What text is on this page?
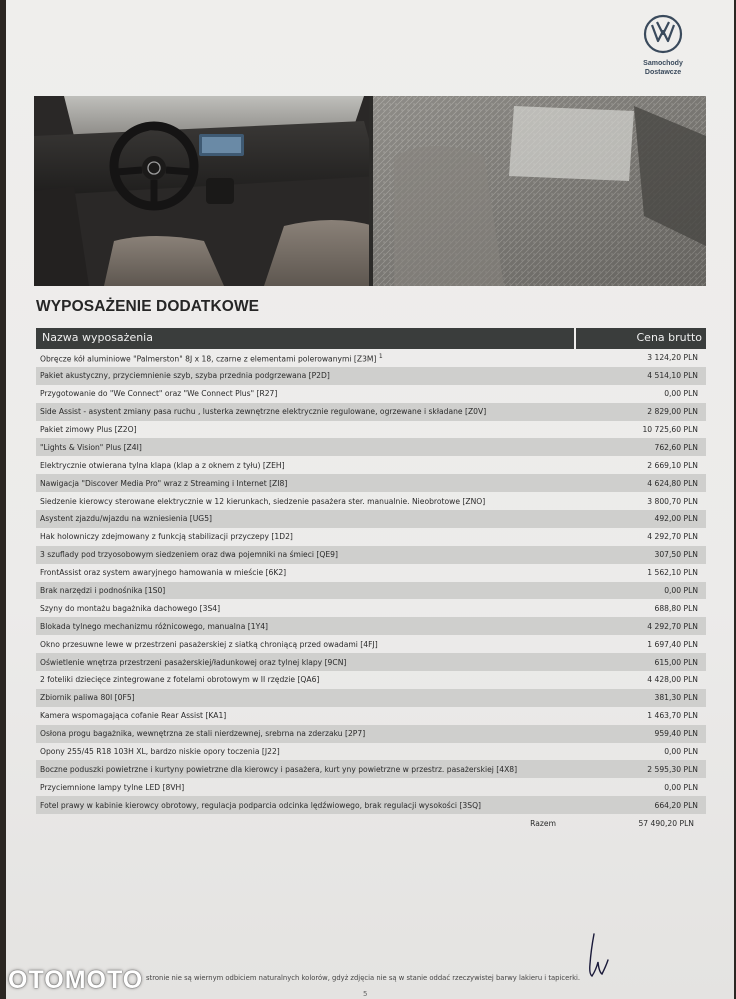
Samochody
Dostawcze
WYPOSAŻENIE DODATKOWE
Nazwa wyposażenia	Cena brutto
Obręcze kół aluminiowe "Palmerston" 8J x 18, czarne z elementami polerowanymi [Z3M] $^1$	3 124,20 PLN
Pakiet akustyczny, przyciemnienie szyb, szyba przednia podgrzewana [P2D]	4 514,10 PLN
Przygotowanie do "We Connect" oraz "We Connect Plus" [R27]	0,00 PLN
Side Assist - asystent zmiany pasa ruchu , lusterka zewnętrzne elektrycznie regulowane, ogrzewane i składane [Z0V]	2 829,00 PLN
Pakiet zimowy Plus [Z2O]	10 725,60 PLN
"Lights & Vision" Plus [Z4I]	762,60 PLN
Elektrycznie otwierana tylna klapa (klap a z oknem z tyłu) [ZEH]	2 669,10 PLN
Nawigacja "Discover Media Pro" wraz z Streaming i Internet [ZI8]	4 624,80 PLN
Siedzenie kierowcy sterowane elektrycznie w 12 kierunkach, siedzenie pasażera ster. manualnie. Nieobrotowe [ZNO]	3 800,70 PLN
Asystent zjazdu/wjazdu na wzniesienia [UG5]	492,00 PLN
Hak holowniczy zdejmowany z funkcją stabilizacji przyczepy [1D2]	4 292,70 PLN
3 szuflady pod trzyosobowym siedzeniem oraz dwa pojemniki na śmieci [QE9]	307,50 PLN
FrontAssist oraz system awaryjnego hamowania w mieście [6K2]	1 562,10 PLN
Brak narzędzi i podnośnika [1S0]	0,00 PLN
Szyny do montażu bagażnika dachowego [3S4]	688,80 PLN
Blokada tylnego mechanizmu różnicowego, manualna [1Y4]	4 292,70 PLN
Okno przesuwne lewe w przestrzeni pasażerskiej z siatką chroniącą przed owadami [4FJ]	1 697,40 PLN
Oświetlenie wnętrza przestrzeni pasażerskiej/ładunkowej oraz tylnej klapy [9CN]	615,00 PLN
2 foteliki dziecięce zintegrowane z fotelami obrotowym w II rzędzie [QA6]	4 428,00 PLN
Zbiornik paliwa 80l [0F5]	381,30 PLN
Kamera wspomagająca cofanie Rear Assist [KA1]	1 463,70 PLN
Osłona progu bagażnika, wewnętrzna ze stali nierdzewnej, srebrna na zderzaku [2P7]	959,40 PLN
Opony 255/45 R18 103H XL, bardzo niskie opory toczenia [J22]	0,00 PLN
Boczne poduszki powietrzne i kurtyny powietrzne dla kierowcy i pasażera, kurt yny powietrzne w przestrz. pasażerskiej [4X8]	2 595,30 PLN
Przyciemnione lampy tylne LED [8VH]	0,00 PLN
Fotel prawy w kabinie kierowcy obrotowy, regulacja podparcia odcinka lędźwiowego, brak regulacji wysokości [3SQ]	664,20 PLN
Razem	57 490,20 PLN
stronie nie są wiernym odbiciem naturalnych kolorów, gdyż zdjęcia nie są w stanie oddać rzeczywistej barwy lakieru i tapicerki.
5
OTOMOTO
